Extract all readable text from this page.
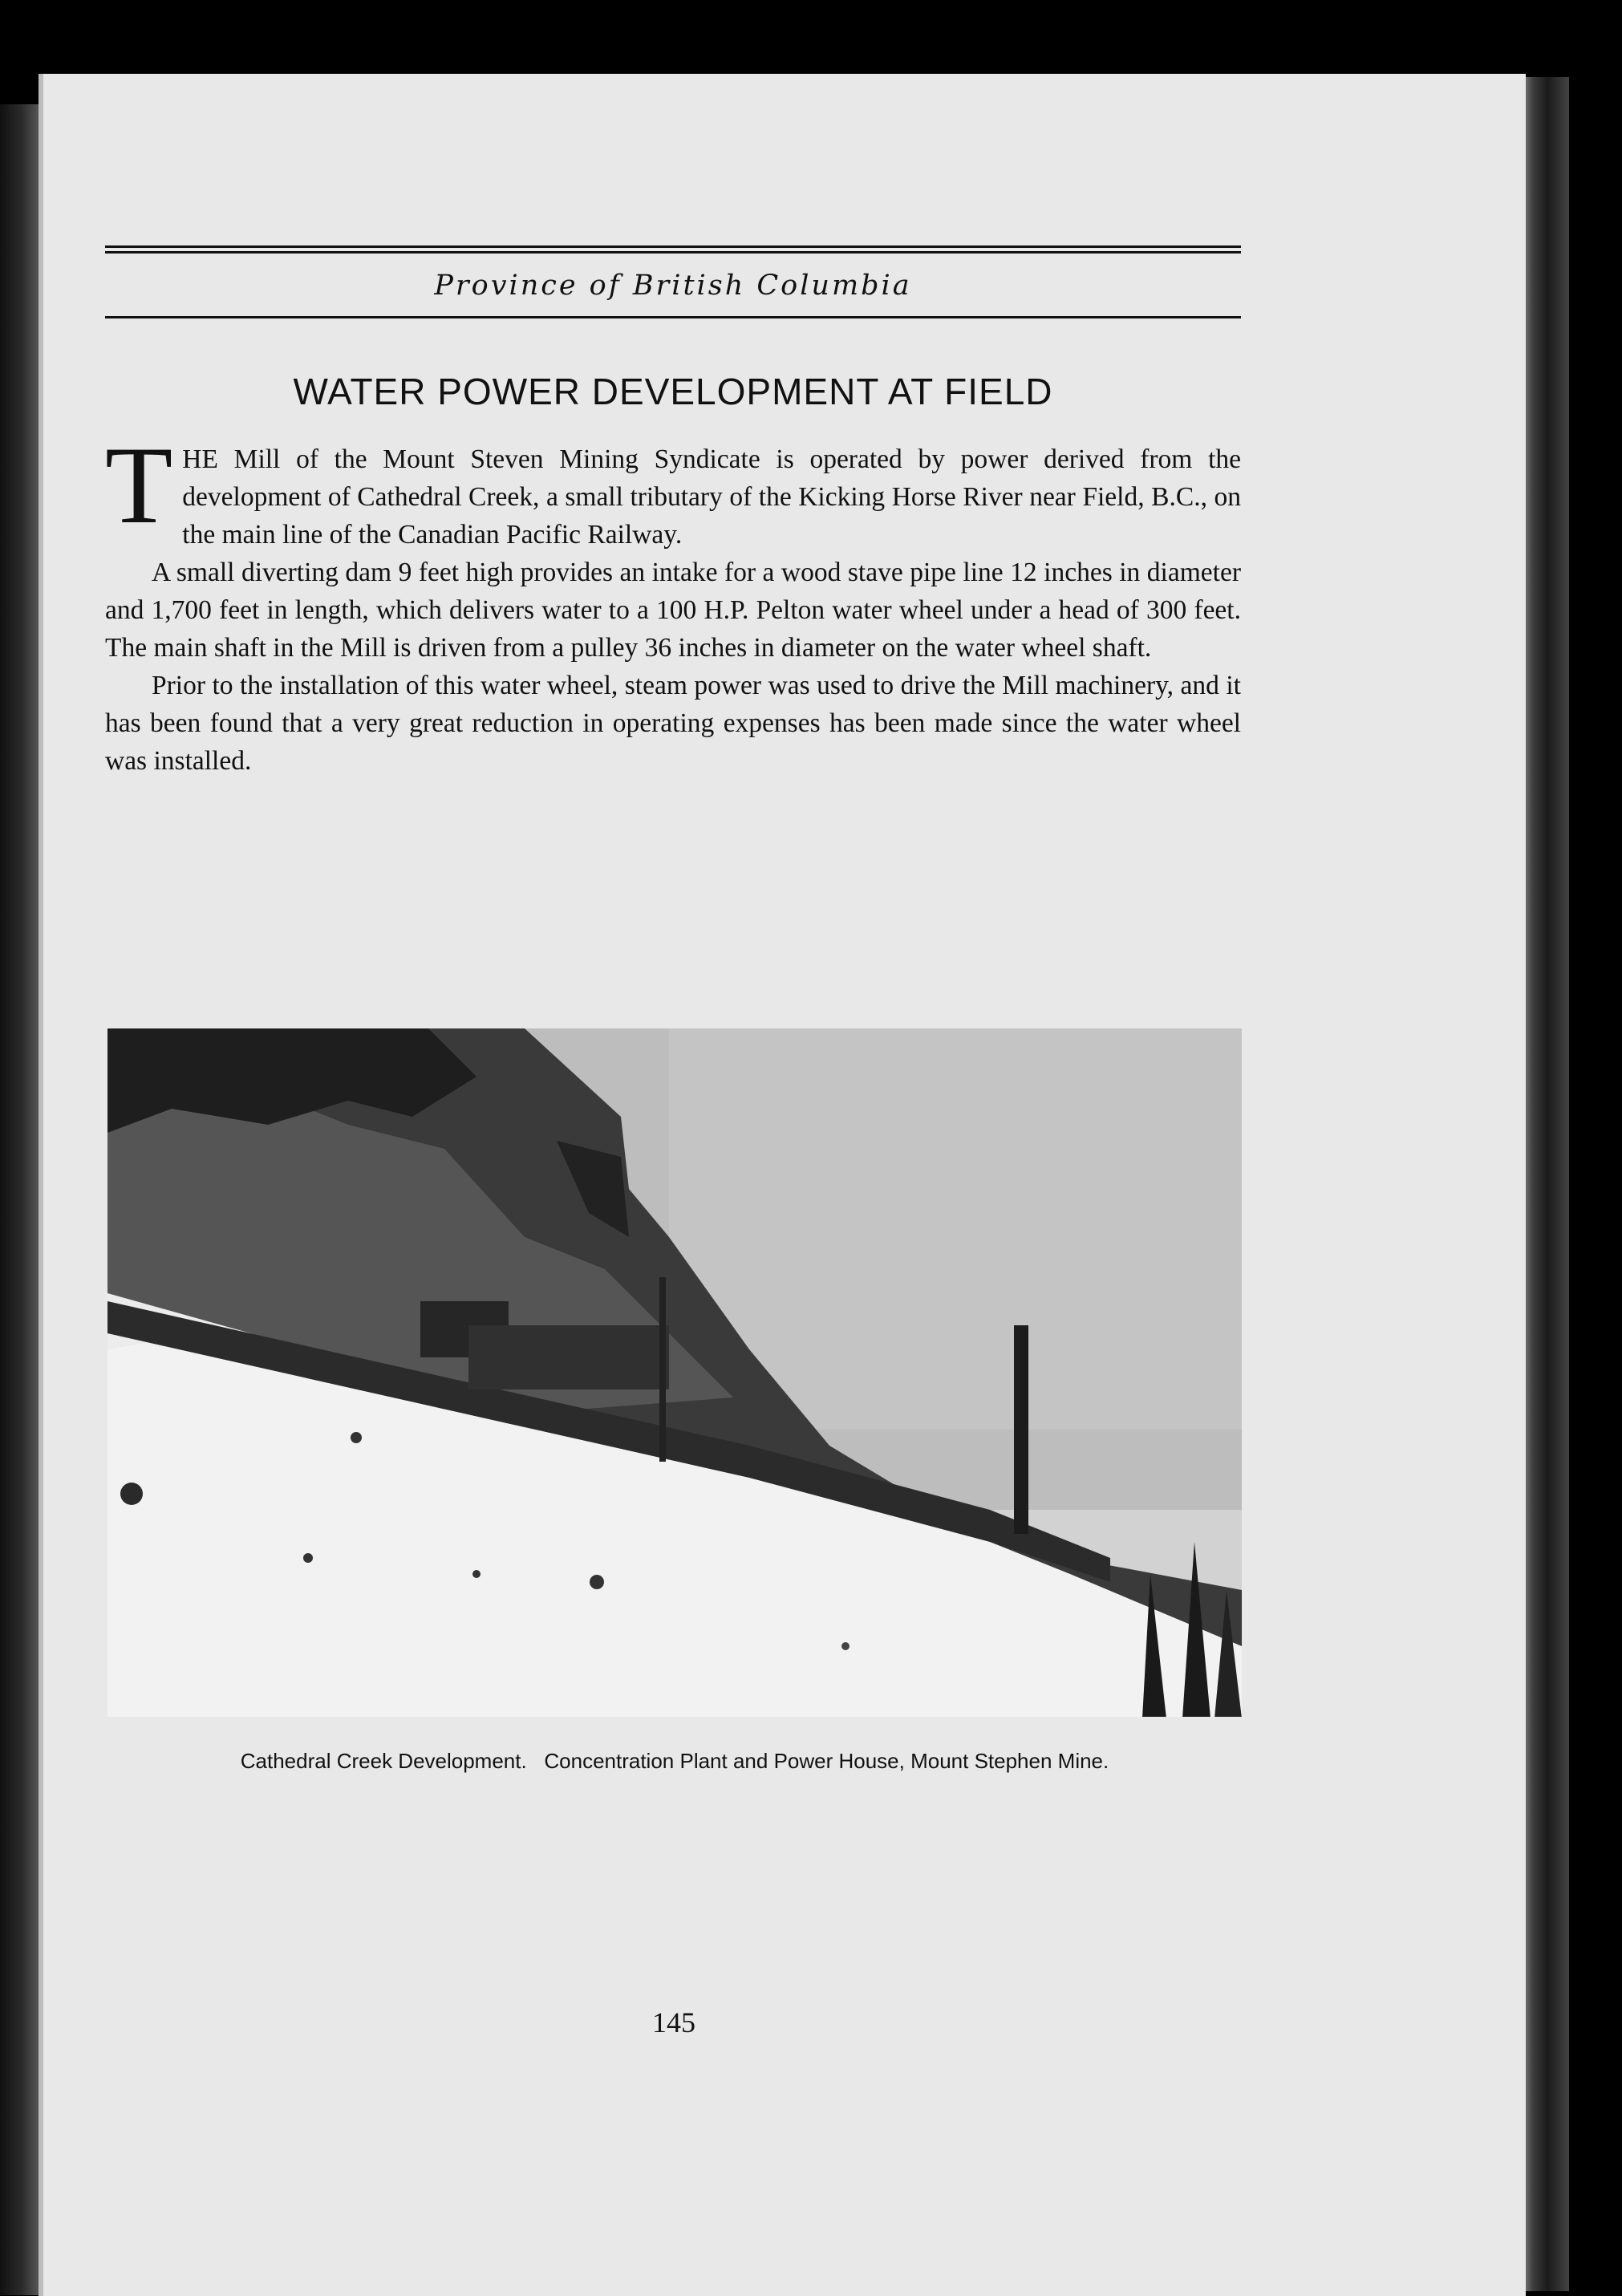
Province of British Columbia
WATER POWER DEVELOPMENT AT FIELD

THE Mill of the Mount Steven Mining Syndicate is operated by power derived from the development of Cathedral Creek, a small tributary of the Kicking Horse River near Field, B.C., on the main line of the Canadian Pacific Railway.

A small diverting dam 9 feet high provides an intake for a wood stave pipe line 12 inches in diameter and 1,700 feet in length, which delivers water to a 100 H.P. Pelton water wheel under a head of 300 feet. The main shaft in the Mill is driven from a pulley 36 inches in diameter on the water wheel shaft.

Prior to the installation of this water wheel, steam power was used to drive the Mill machinery, and it has been found that a very great reduction in operating expenses has been made since the water wheel was installed.

Cathedral Creek Development.   Concentration Plant and Power House, Mount Stephen Mine.
145
